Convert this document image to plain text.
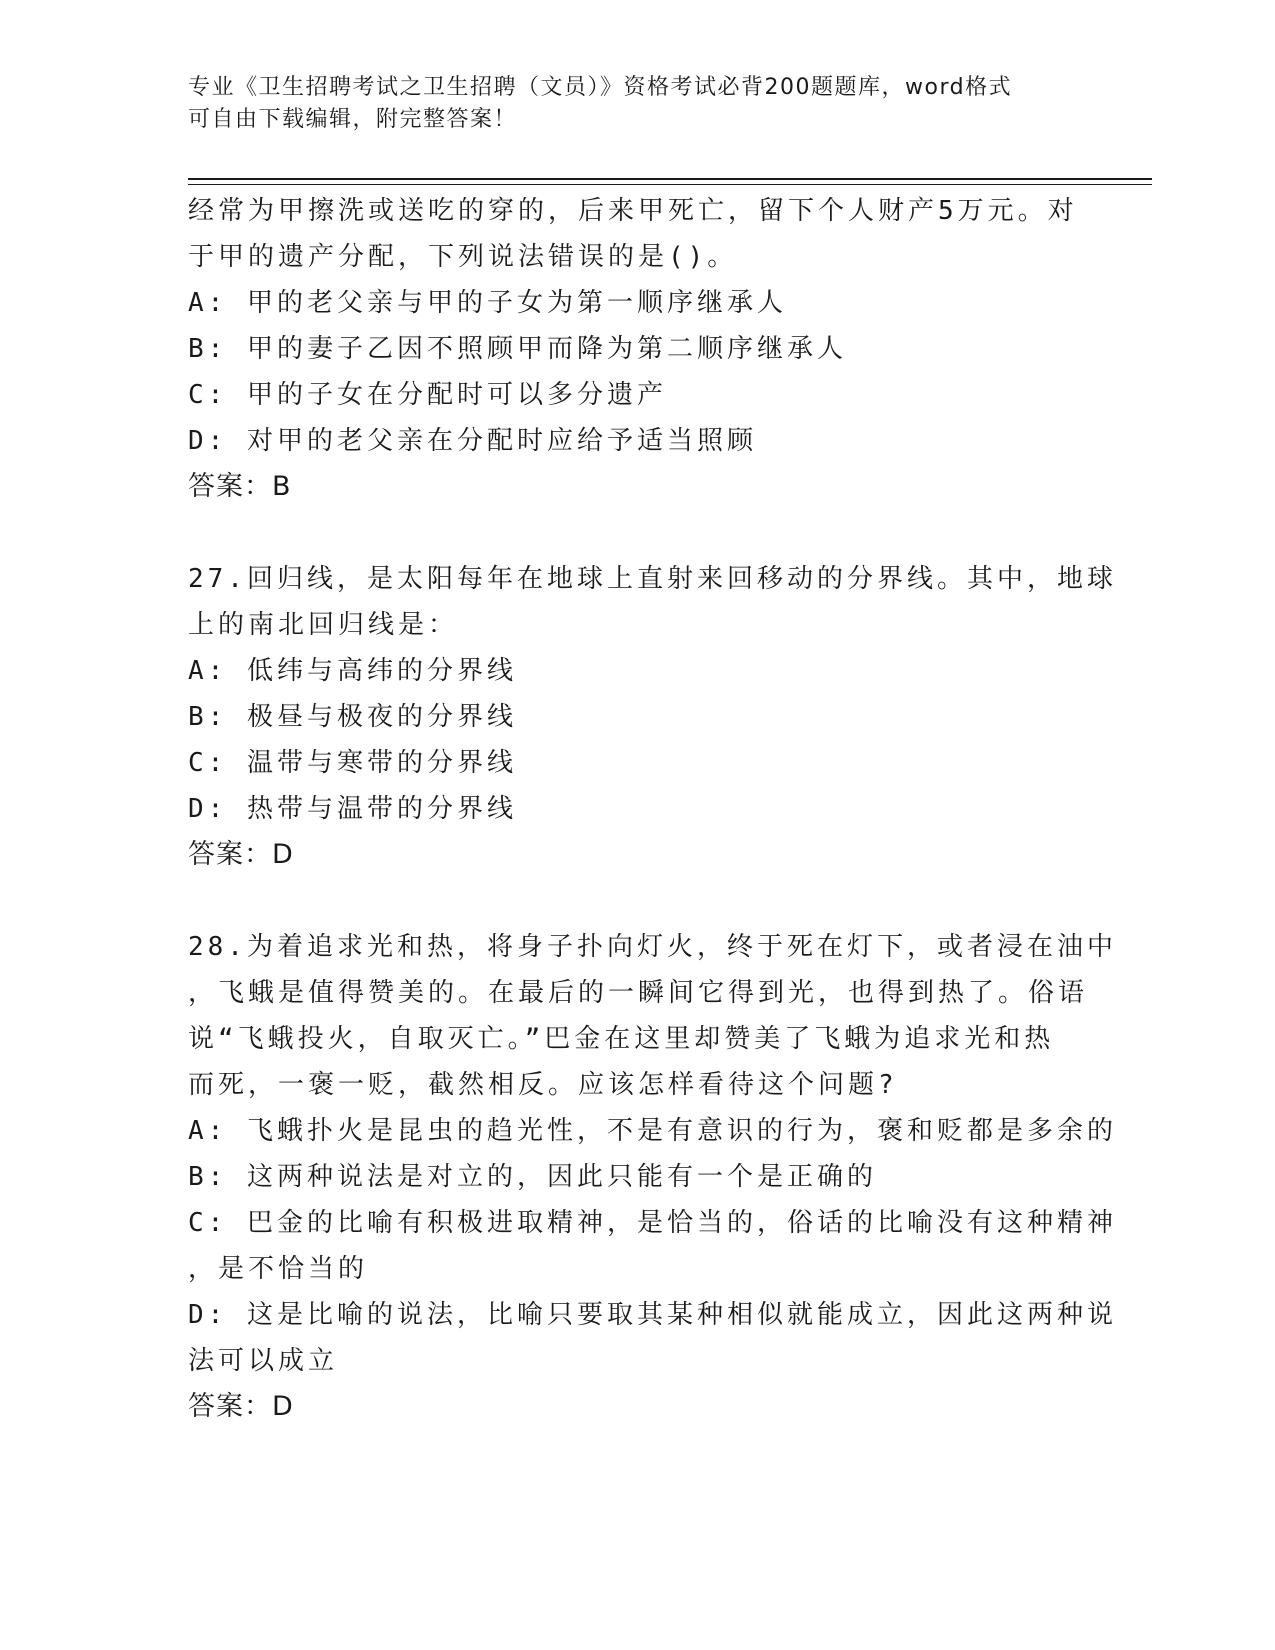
专业《卫生招聘考试之卫生招聘（文员）》资格考试必背200题题库，word格式
可自由下载编辑，附完整答案！
经常为甲擦洗或送吃的穿的，后来甲死亡，留下个人财产5万元。对
于甲的遗产分配，下列说法错误的是()。
A: 甲的老父亲与甲的子女为第一顺序继承人
B: 甲的妻子乙因不照顾甲而降为第二顺序继承人
C: 甲的子女在分配时可以多分遗产
D: 对甲的老父亲在分配时应给予适当照顾
答案：B
27.回归线，是太阳每年在地球上直射来回移动的分界线。其中，地球
上的南北回归线是：
A: 低纬与高纬的分界线
B: 极昼与极夜的分界线
C: 温带与寒带的分界线
D: 热带与温带的分界线
答案：D
28.为着追求光和热，将身子扑向灯火，终于死在灯下，或者浸在油中
，飞蛾是值得赞美的。在最后的一瞬间它得到光，也得到热了。俗语
说“飞蛾投火，自取灭亡。”巴金在这里却赞美了飞蛾为追求光和热
而死，一褒一贬，截然相反。应该怎样看待这个问题?
A: 飞蛾扑火是昆虫的趋光性，不是有意识的行为，褒和贬都是多余的
B: 这两种说法是对立的，因此只能有一个是正确的
C: 巴金的比喻有积极进取精神，是恰当的，俗话的比喻没有这种精神
，是不恰当的
D: 这是比喻的说法，比喻只要取其某种相似就能成立，因此这两种说
法可以成立
答案：D
